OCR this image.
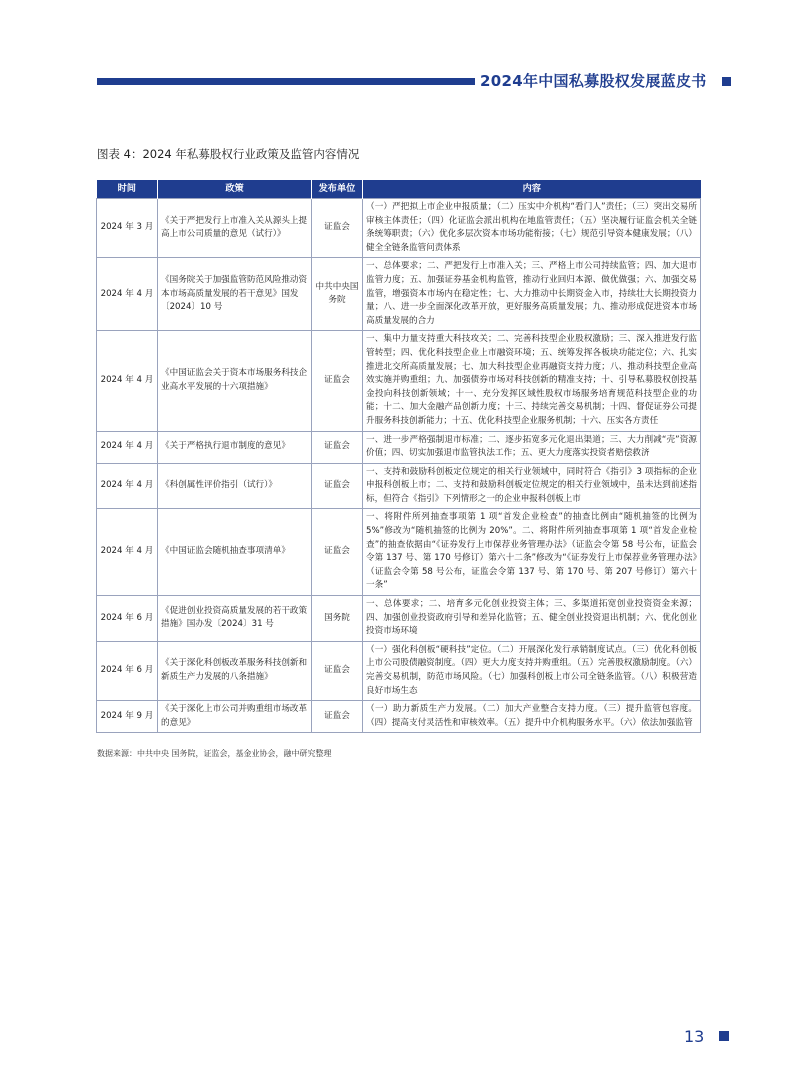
2024年中国私募股权发展蓝皮书
图表 4：2024 年私募股权行业政策及监管内容情况
时间	政策	发布单位	内容
2024 年 3 月	《关于严把发行上市准入关从源头上提高上市公司质量的意见（试行）》	证监会	（一）严把拟上市企业申报质量；（二）压实中介机构“看门人”责任；（三）突出交易所审核主体责任；（四）化证监会派出机构在地监管责任；（五）坚决履行证监会机关全链条统筹职责；（六）优化多层次资本市场功能衔接；（七）规范引导资本健康发展；（八）健全全链条监管问责体系
2024 年 4 月	《国务院关于加强监管防范风险推动资本市场高质量发展的若干意见》国发〔2024〕10 号	中共中央国务院	一、总体要求；二、严把发行上市准入关；三、严格上市公司持续监管；四、加大退市监管力度；五、加强证券基金机构监管，推动行业回归本源、做优做强；六、加强交易监管，增强资本市场内在稳定性；七、大力推动中长期资金入市，持续壮大长期投资力量；八、进一步全面深化改革开放，更好服务高质量发展；九、推动形成促进资本市场高质量发展的合力
2024 年 4 月	《中国证监会关于资本市场服务科技企业高水平发展的十六项措施》	证监会	一、集中力量支持重大科技攻关；二、完善科技型企业股权激励；三、深入推进发行监管转型；四、优化科技型企业上市融资环境；五、统筹发挥各板块功能定位；六、扎实推进北交所高质量发展；七、加大科技型企业再融资支持力度；八、推动科技型企业高效实施并购重组；九、加强债券市场对科技创新的精准支持；十、引导私募股权创投基金投向科技创新领域；十一、充分发挥区域性股权市场服务培育规范科技型企业的功能；十二、加大金融产品创新力度；十三、持续完善交易机制；十四、督促证券公司提升服务科技创新能力；十五、优化科技型企业服务机制；十六、压实各方责任
2024 年 4 月	《关于严格执行退市制度的意见》	证监会	一、进一步严格强制退市标准；二、逐步拓宽多元化退出渠道；三、大力削减“壳”资源价值；四、切实加强退市监管执法工作；五、更大力度落实投资者赔偿救济
2024 年 4 月	《科创属性评价指引（试行）》	证监会	一、支持和鼓励科创板定位规定的相关行业领域中，同时符合《指引》3 项指标的企业申报科创板上市；二、支持和鼓励科创板定位规定的相关行业领域中，虽未达到前述指标，但符合《指引》下列情形之一的企业申报科创板上市
2024 年 4 月	《中国证监会随机抽查事项清单》	证监会	一、将附件所列抽查事项第 1 项“首发企业检查”的抽查比例由“随机抽签的比例为 5%”修改为“随机抽签的比例为 20%”。二、将附件所列抽查事项第 1 项“首发企业检查”的抽查依据由“《证券发行上市保荐业务管理办法》（证监会令第 58 号公布，证监会令第 137 号、第 170 号修订）第六十二条”修改为“《证券发行上市保荐业务管理办法》（证监会令第 58 号公布，证监会令第 137 号、第 170 号、第 207 号修订）第六十一条”
2024 年 6 月	《促进创业投资高质量发展的若干政策措施》国办发〔2024〕31 号	国务院	一、总体要求；二、培育多元化创业投资主体；三、多渠道拓宽创业投资资金来源；四、加强创业投资政府引导和差异化监管；五、健全创业投资退出机制；六、优化创业投资市场环境
2024 年 6 月	《关于深化科创板改革服务科技创新和新质生产力发展的八条措施》	证监会	（一）强化科创板“硬科技”定位。（二）开展深化发行承销制度试点。（三）优化科创板上市公司股债融资制度。（四）更大力度支持并购重组。（五）完善股权激励制度。（六）完善交易机制，防范市场风险。（七）加强科创板上市公司全链条监管。（八）积极营造良好市场生态
2024 年 9 月	《关于深化上市公司并购重组市场改革的意见》	证监会	（一）助力新质生产力发展。（二）加大产业整合支持力度。（三）提升监管包容度。（四）提高支付灵活性和审核效率。（五）提升中介机构服务水平。（六）依法加强监管
数据来源：中共中央 国务院，证监会，基金业协会，融中研究整理
13
